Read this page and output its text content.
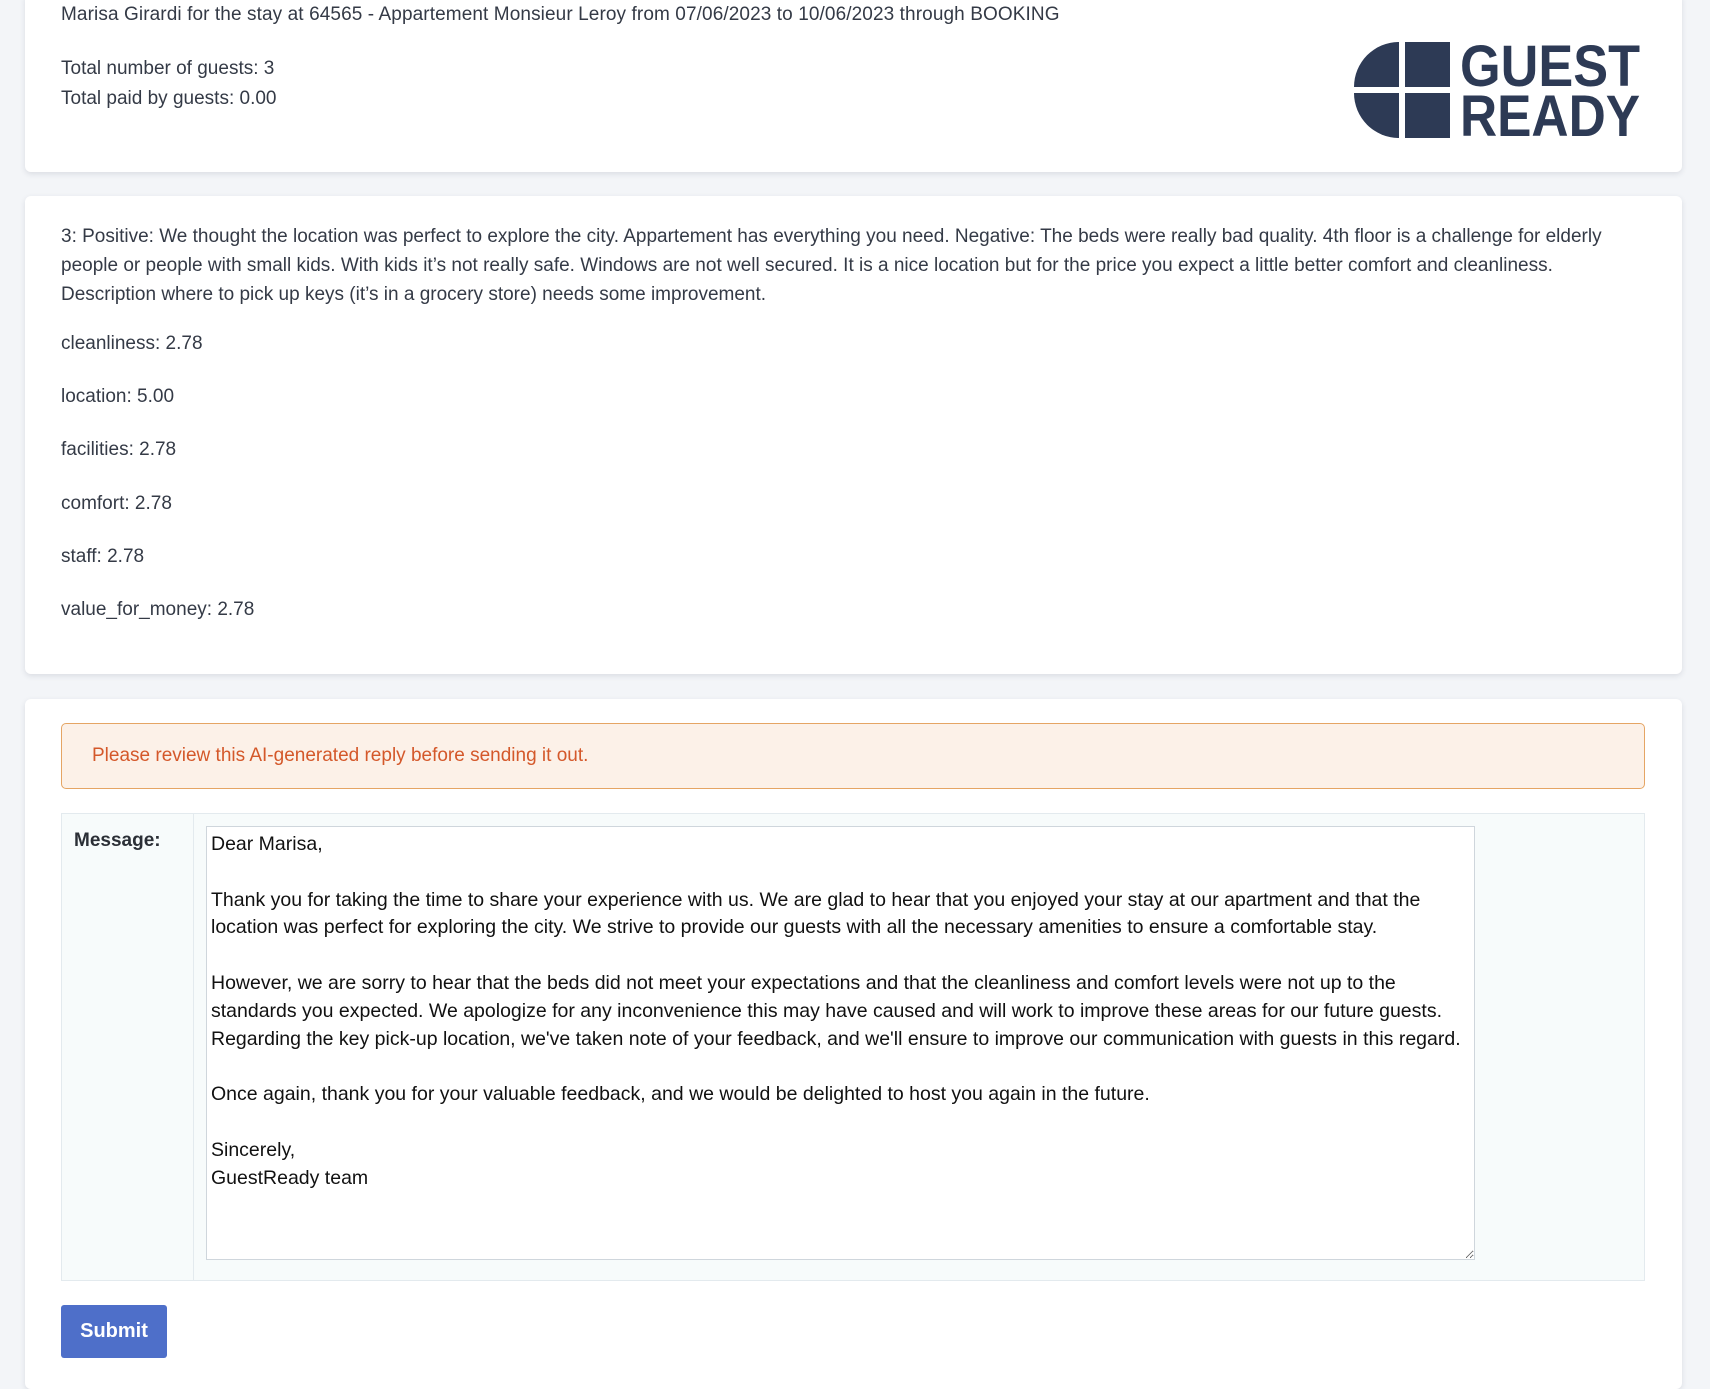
Marisa Girardi for the stay at 64565 - Appartement Monsieur Leroy from 07/06/2023 to 10/06/2023 through BOOKING
Total number of guests: 3
Total paid by guests: 0.00	GUEST
READY

3: Positive: We thought the location was perfect to explore the city. Appartement has everything you need. Negative: The beds were really bad quality. 4th floor is a challenge for elderly people or people with small kids. With kids it’s not really safe. Windows are not well secured. It is a nice location but for the price you expect a little better comfort and cleanliness. Description where to pick up keys (it’s in a grocery store) needs some improvement.

cleanliness: 2.78
location: 5.00
facilities: 2.78
comfort: 2.78
staff: 2.78
value_for_money: 2.78
Please review this AI-generated reply before sending it out.
Message:
Dear Marisa, Thank you for taking the time to share your experience with us. We are glad to hear that you enjoyed your stay at our apartment and that the location was perfect for exploring the city. We strive to provide our guests with all the necessary amenities to ensure a comfortable stay. However, we are sorry to hear that the beds did not meet your expectations and that the cleanliness and comfort levels were not up to the standards you expected. We apologize for any inconvenience this may have caused and will work to improve these areas for our future guests. Regarding the key pick-up location, we've taken note of your feedback, and we'll ensure to improve our communication with guests in this regard. Once again, thank you for your valuable feedback, and we would be delighted to host you again in the future. Sincerely, GuestReady team
Submit
